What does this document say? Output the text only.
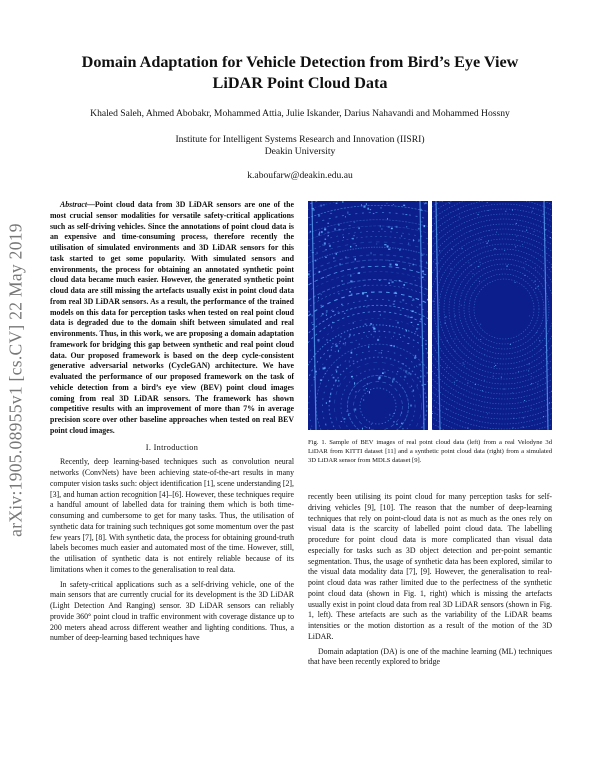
Domain Adaptation for Vehicle Detection from Bird’s Eye View LiDAR Point Cloud Data
Khaled Saleh, Ahmed Abobakr, Mohammed Attia, Julie Iskander, Darius Nahavandi and Mohammed Hossny
Institute for Intelligent Systems Research and Innovation (IISRI)
Deakin University
k.aboufarw@deakin.edu.au
arXiv:1905.08955v1 [cs.CV] 22 May 2019

Abstract—Point cloud data from 3D LiDAR sensors are one of the most crucial sensor modalities for versatile safety-critical applications such as self-driving vehicles. Since the annotations of point cloud data is an expensive and time-consuming process, therefore recently the utilisation of simulated environments and 3D LiDAR sensors for this task started to get some popularity. With simulated sensors and environments, the process for obtaining an annotated synthetic point cloud data became much easier. However, the generated synthetic point cloud data are still missing the artefacts usually exist in point cloud data from real 3D LiDAR sensors. As a result, the performance of the trained models on this data for perception tasks when tested on real point cloud data is degraded due to the domain shift between simulated and real environments. Thus, in this work, we are proposing a domain adaptation framework for bridging this gap between synthetic and real point cloud data. Our proposed framework is based on the deep cycle-consistent generative adversarial networks (CycleGAN) architecture. We have evaluated the performance of our proposed framework on the task of vehicle detection from a bird’s eye view (BEV) point cloud images coming from real 3D LiDAR sensors. The framework has shown competitive results with an improvement of more than 7% in average precision score over other baseline approaches when tested on real BEV point cloud images.

I. Introduction

Recently, deep learning-based techniques such as convolution neural networks (ConvNets) have been achieving state-of-the-art results in many computer vision tasks such: object identification [1], scene understanding [2], [3], and human action recognition [4]–[6]. However, these techniques require a handful amount of labelled data for training them which is both time-consuming and cumbersome to get for many tasks. Thus, the utilisation of synthetic data for training such techniques got some momentum over the past few years [7], [8]. With synthetic data, the process for obtaining ground-truth labels becomes much easier and automated most of the time. However, still, the utilisation of synthetic data is not entirely reliable because of its limitations when it comes to the generalisation to real data.

In safety-critical applications such as a self-driving vehicle, one of the main sensors that are currently crucial for its development is the 3D LiDAR (Light Detection And Ranging) sensor. 3D LiDAR sensors can reliably provide 360° point cloud in traffic environment with coverage distance up to 200 meters ahead across different weather and lighting conditions. Thus, a number of deep-learning based techniques have

Fig. 1. Sample of BEV images of real point cloud data (left) from a real Velodyne 3d LiDAR from KITTI dataset [11] and a synthetic point cloud data (right) from a simulated 3D LiDAR sensor from MDLS dataset [9].

recently been utilising its point cloud for many perception tasks for self-driving vehicles [9], [10]. The reason that the number of deep-learning techniques that rely on point-cloud data is not as much as the ones rely on visual data is the scarcity of labelled point cloud data. The labelling procedure for point cloud data is more complicated than visual data especially for tasks such as 3D object detection and per-point semantic segmentation. Thus, the usage of synthetic data has been explored, similar to the visual data modality data [7], [9]. However, the generalisation to real-point cloud data was rather limited due to the perfectness of the synthetic point cloud data (shown in Fig. 1, right) which is missing the artefacts usually exist in point cloud data from real 3D LiDAR sensors (shown in Fig. 1, left). These artefacts are such as the variability of the LiDAR beams intensities or the motion distortion as a result of the motion of the 3D LiDAR.

Domain adaptation (DA) is one of the machine learning (ML) techniques that have been recently explored to bridge
